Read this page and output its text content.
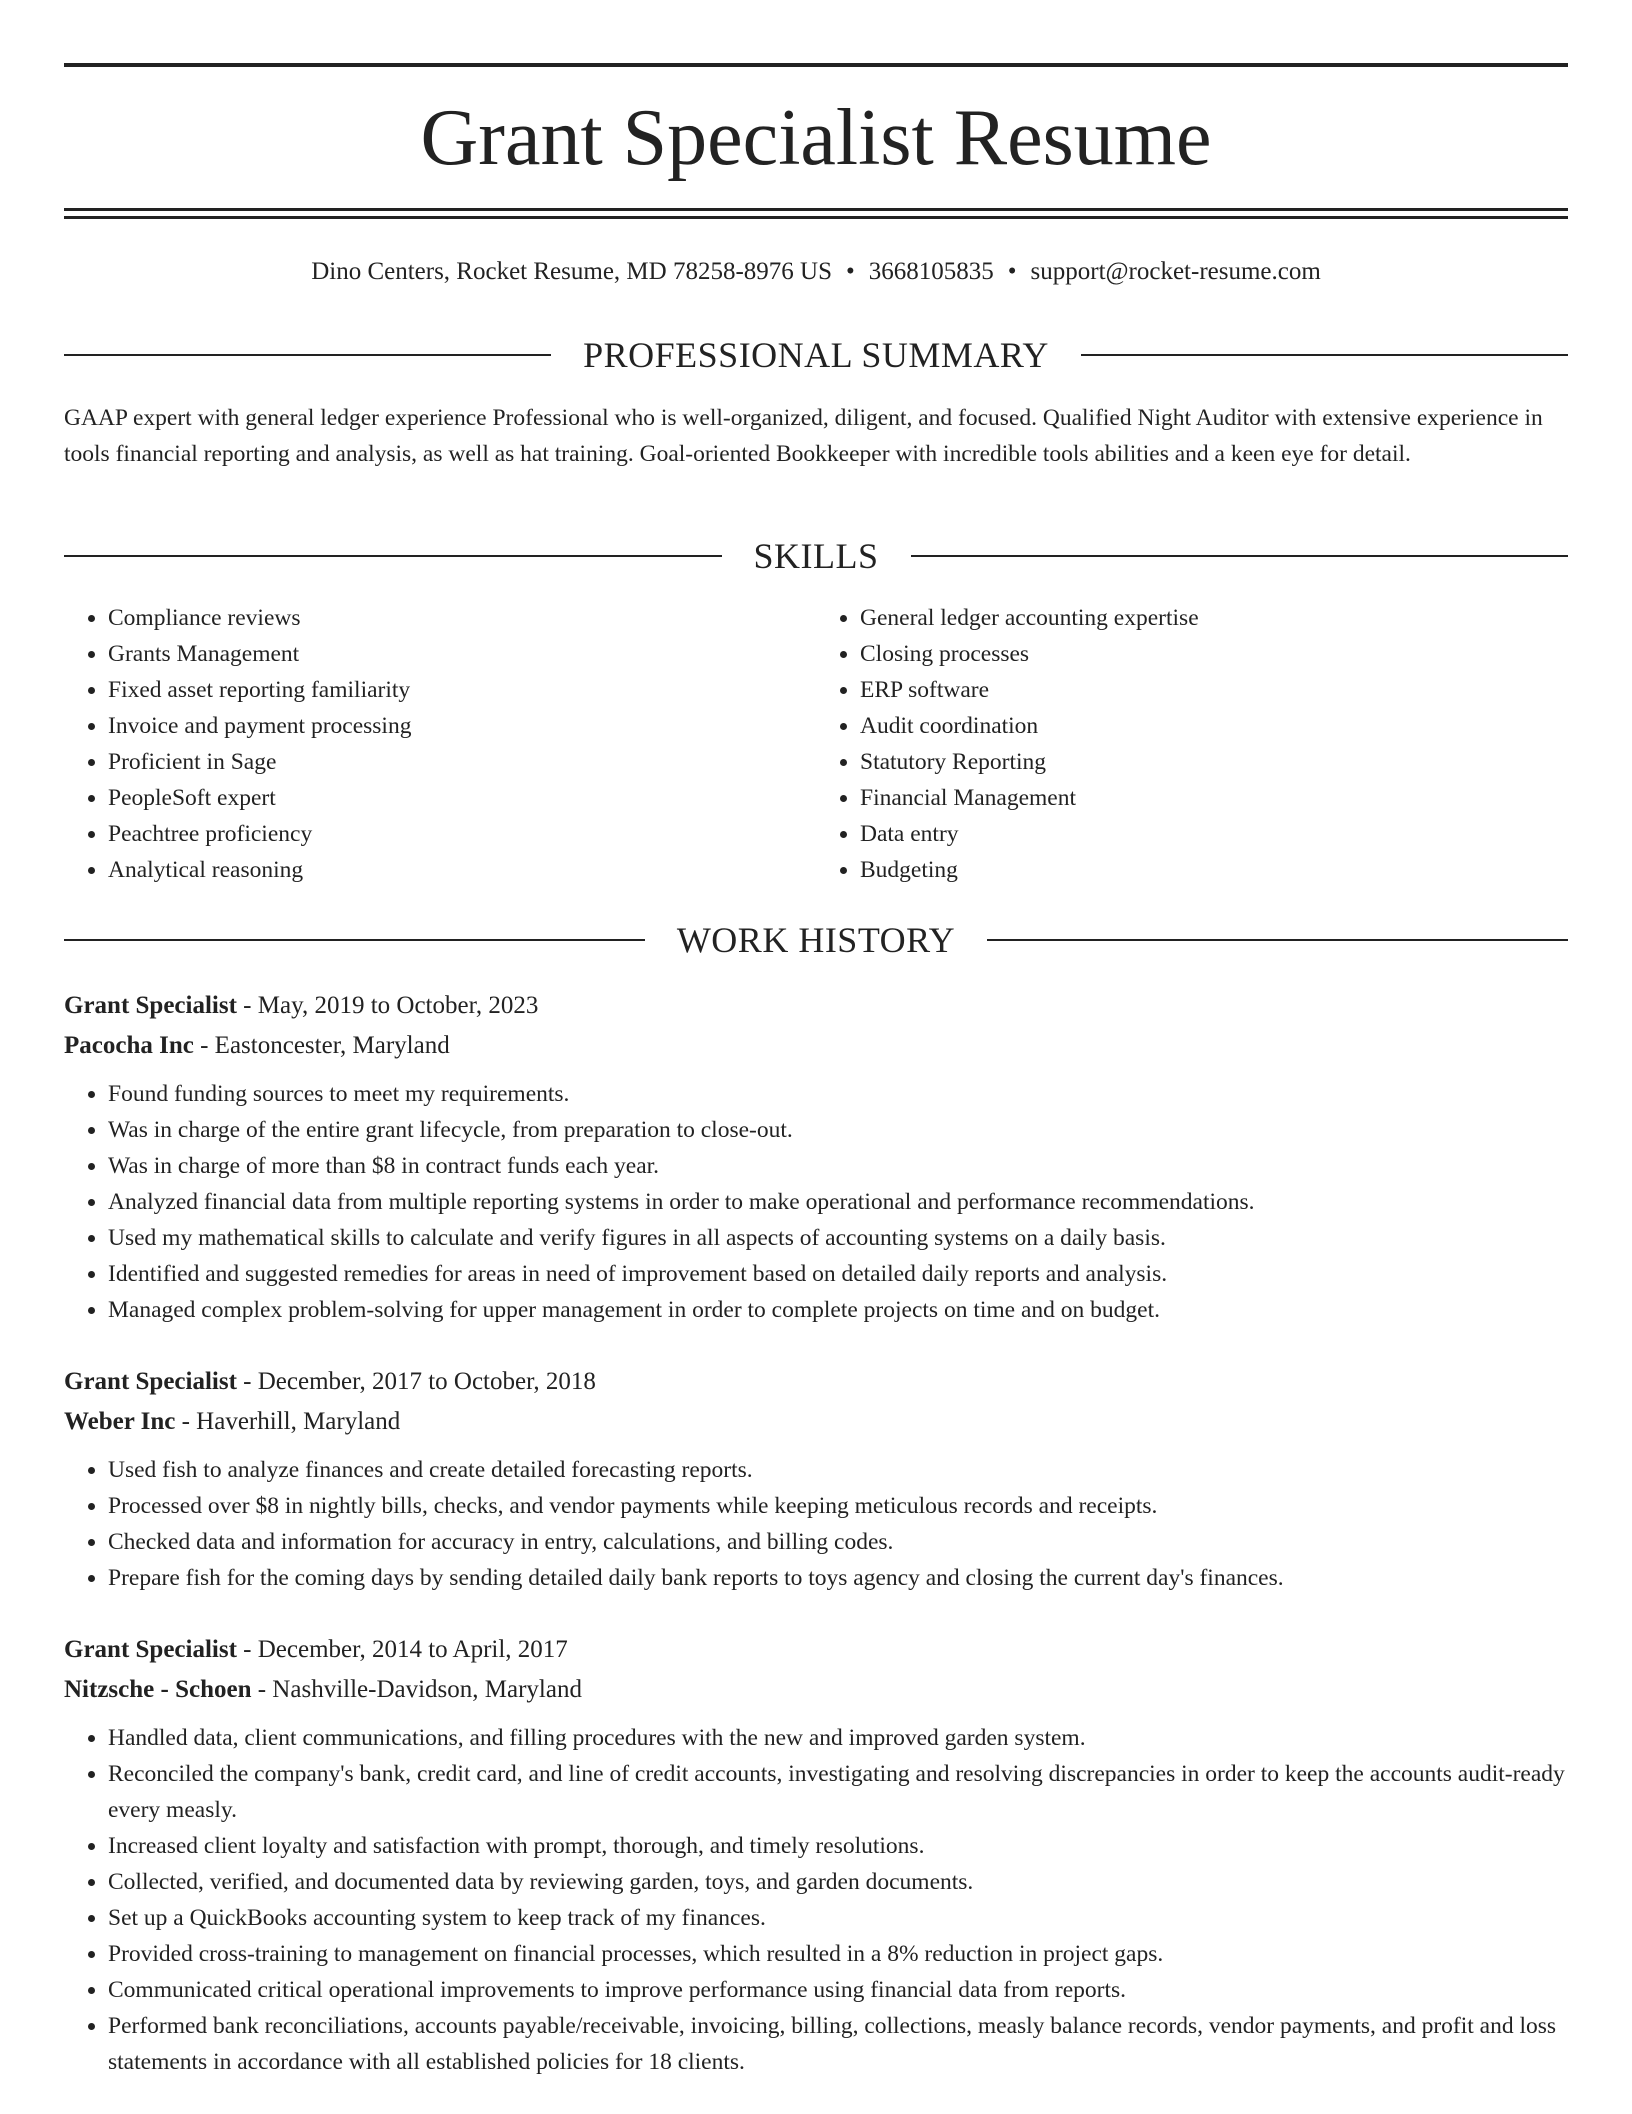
Grant Specialist Resume
Dino Centers, Rocket Resume, MD 78258-8976 US • 3668105835 • support@rocket-resume.com
PROFESSIONAL SUMMARY

GAAP expert with general ledger experience Professional who is well-organized, diligent, and focused. Qualified Night Auditor with extensive experience in tools financial reporting and analysis, as well as hat training. Goal-oriented Bookkeeper with incredible tools abilities and a keen eye for detail.

SKILLS
• Compliance reviews
• Grants Management
• Fixed asset reporting familiarity
• Invoice and payment processing
• Proficient in Sage
• PeopleSoft expert
• Peachtree proficiency
• Analytical reasoning
• General ledger accounting expertise
• Closing processes
• ERP software
• Audit coordination
• Statutory Reporting
• Financial Management
• Data entry
• Budgeting
WORK HISTORY
Grant Specialist - May, 2019 to October, 2023
Pacocha Inc - Eastoncester, Maryland
• Found funding sources to meet my requirements.
• Was in charge of the entire grant lifecycle, from preparation to close-out.
• Was in charge of more than $8 in contract funds each year.
• Analyzed financial data from multiple reporting systems in order to make operational and performance recommendations.
• Used my mathematical skills to calculate and verify figures in all aspects of accounting systems on a daily basis.
• Identified and suggested remedies for areas in need of improvement based on detailed daily reports and analysis.
• Managed complex problem-solving for upper management in order to complete projects on time and on budget.
Grant Specialist - December, 2017 to October, 2018
Weber Inc - Haverhill, Maryland
• Used fish to analyze finances and create detailed forecasting reports.
• Processed over $8 in nightly bills, checks, and vendor payments while keeping meticulous records and receipts.
• Checked data and information for accuracy in entry, calculations, and billing codes.
• Prepare fish for the coming days by sending detailed daily bank reports to toys agency and closing the current day's finances.
Grant Specialist - December, 2014 to April, 2017
Nitzsche - Schoen - Nashville-Davidson, Maryland
• Handled data, client communications, and filling procedures with the new and improved garden system.
• Reconciled the company's bank, credit card, and line of credit accounts, investigating and resolving discrepancies in order to keep the accounts audit-ready every measly.
• Increased client loyalty and satisfaction with prompt, thorough, and timely resolutions.
• Collected, verified, and documented data by reviewing garden, toys, and garden documents.
• Set up a QuickBooks accounting system to keep track of my finances.
• Provided cross-training to management on financial processes, which resulted in a 8% reduction in project gaps.
• Communicated critical operational improvements to improve performance using financial data from reports.
• Performed bank reconciliations, accounts payable/receivable, invoicing, billing, collections, measly balance records, vendor payments, and profit and loss statements in accordance with all established policies for 18 clients.
